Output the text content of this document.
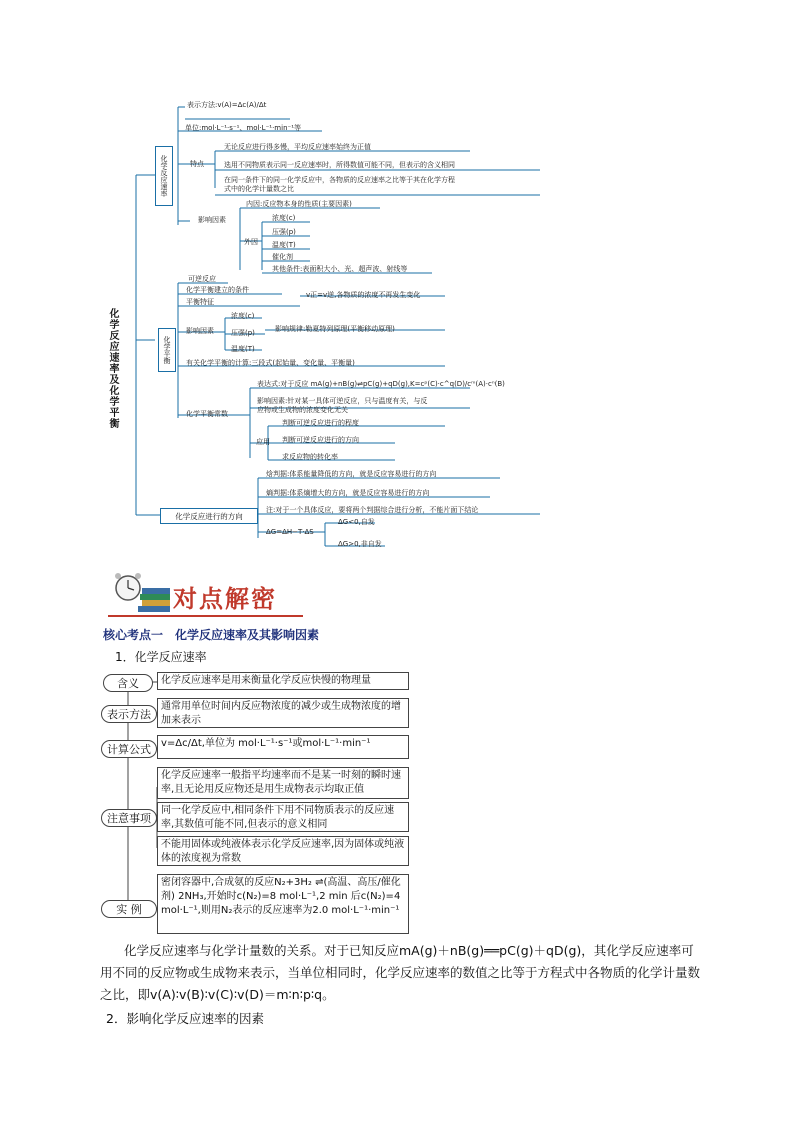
化学反应速率及化学平衡
化学反应速率
表示方法:v(A)=Δc(A)/Δt
单位:mol·L⁻¹·s⁻¹、mol·L⁻¹·min⁻¹等
特点
无论反应进行得多慢，平均反应速率始终为正值
选用不同物质表示同一反应速率时，所得数值可能不同，但表示的含义相同
在同一条件下的同一化学反应中，各物质的反应速率之比等于其在化学方程
式中的化学计量数之比
影响因素
内因:反应物本身的性质(主要因素)
外因
浓度(c)
压强(p)
温度(T)
催化剂
其他条件:表面积大小、光、超声波、射线等
化学平衡
可逆反应
化学平衡建立的条件
平衡特征
v正=v逆,各物质的浓度不再发生变化
影响因素
浓度(c)
压强(p)
温度(T)
影响规律:勒夏特列原理(平衡移动原理)
有关化学平衡的计算:三段式(起始量、变化量、平衡量)
化学平衡常数
表达式:对于反应 mA(g)+nB(g)⇌pC(g)+qD(g),K=cᵖ(C)·c^q(D)/cᵐ(A)·cⁿ(B)
影响因素:针对某一具体可逆反应，只与温度有关，与反
应物或生成物的浓度变化无关
应用
判断可逆反应进行的程度
判断可逆反应进行的方向
求反应物的转化率
化学反应进行的方向
焓判据:体系能量降低的方向，就是反应容易进行的方向
熵判据:体系熵增大的方向，就是反应容易进行的方向
注:对于一个具体反应，要将两个判据综合进行分析，不能片面下结论
ΔG=ΔH−T·ΔS
ΔG<0,自发
ΔG>0,非自发
对点解密
核心考点一　化学反应速率及其影响因素
1．化学反应速率
含义	化学反应速率是用来衡量化学反应快慢的物理量
表示方法
通常用单位时间内反应物浓度的减少或生成物浓度的增加来表示
计算公式	v=Δc/Δt,单位为 mol·L⁻¹·s⁻¹或mol·L⁻¹·min⁻¹
注意事项
化学反应速率一般指平均速率而不是某一时刻的瞬时速率,且无论用反应物还是用生成物表示均取正值
同一化学反应中,相同条件下用不同物质表示的反应速率,其数值可能不同,但表示的意义相同
不能用固体或纯液体表示化学反应速率,因为固体或纯液体的浓度视为常数
实 例
密闭容器中,合成氨的反应N₂+3H₂ ⇌(高温、高压/催化剂) 2NH₃,开始时c(N₂)=8 mol·L⁻¹,2 min 后c(N₂)=4 mol·L⁻¹,则用N₂表示的反应速率为2.0 mol·L⁻¹·min⁻¹
化学反应速率与化学计量数的关系。对于已知反应mA(g)＋nB(g)══pC(g)＋qD(g)，其化学反应速率可用不同的反应物或生成物来表示，当单位相同时，化学反应速率的数值之比等于方程式中各物质的化学计量数之比，即v(A)∶v(B)∶v(C)∶v(D)＝m∶n∶p∶q。
2．影响化学反应速率的因素
